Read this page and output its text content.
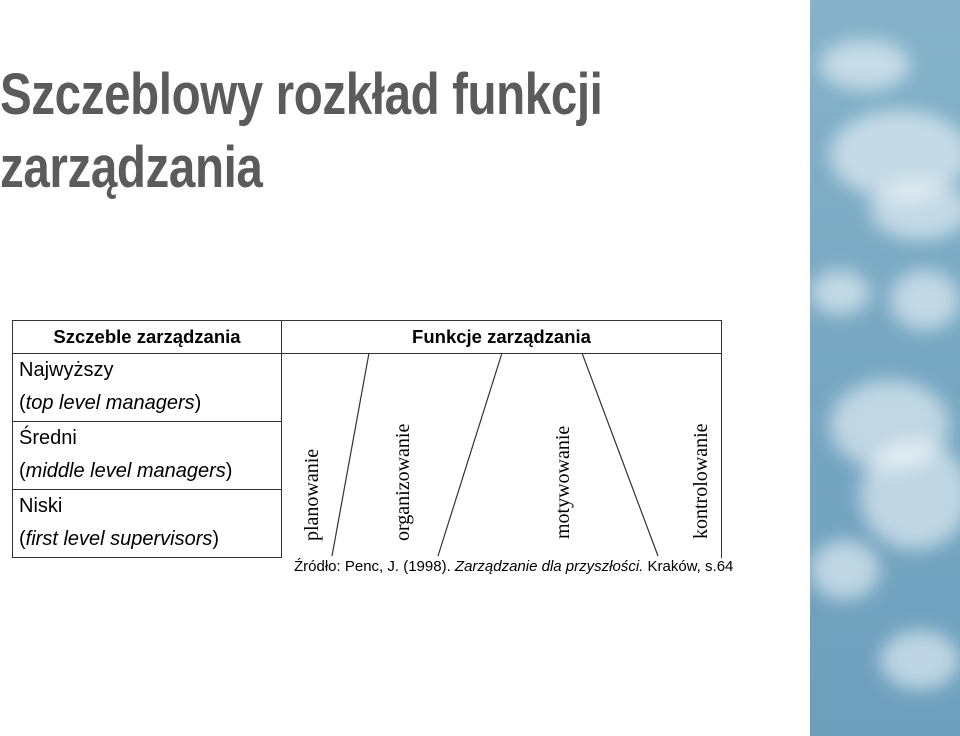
Szczeblowy rozkład funkcji
zarządzania
Szczeble zarządzania	Funkcje zarządzania

Najwyższy
(top level managers)	

Średni
(middle level managers)	

Niski
(first level supervisors)		planowanie	organizowanie	motywowanie	kontrolowanie
Źródło: Penc, J. (1998). Zarządzanie dla przyszłości. Kraków, s.64
